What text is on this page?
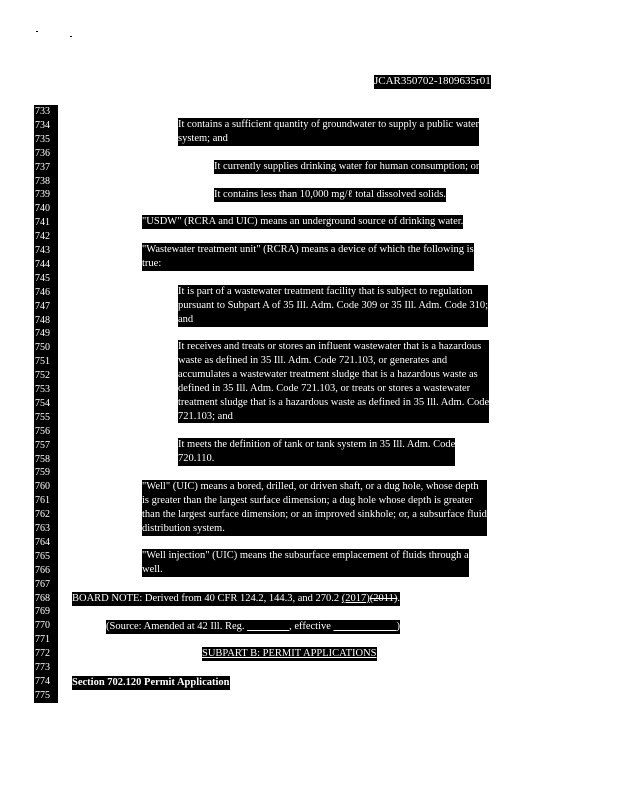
JCAR350702-1809635r01
733
734
735
736
737
738
739
740
741
742
743
744
745
746
747
748
749
750
751
752
753
754
755
756
757
758
759
760
761
762
763
764
765
766
767
768
769
770
771
772
773
774
775
It contains a sufficient quantity of groundwater to supply a public water
system; and
It currently supplies drinking water for human consumption; or
It contains less than 10,000 mg/ℓ total dissolved solids.
"USDW" (RCRA and UIC) means an underground source of drinking water.
"Wastewater treatment unit" (RCRA) means a device of which the following is
true:
It is part of a wastewater treatment facility that is subject to regulation
pursuant to Subpart A of 35 Ill. Adm. Code 309 or 35 Ill. Adm. Code 310;
and
It receives and treats or stores an influent wastewater that is a hazardous
waste as defined in 35 Ill. Adm. Code 721.103, or generates and
accumulates a wastewater treatment sludge that is a hazardous waste as
defined in 35 Ill. Adm. Code 721.103, or treats or stores a wastewater
treatment sludge that is a hazardous waste as defined in 35 Ill. Adm. Code
721.103; and
It meets the definition of tank or tank system in 35 Ill. Adm. Code
720.110.
"Well" (UIC) means a bored, drilled, or driven shaft, or a dug hole, whose depth
is greater than the largest surface dimension; a dug hole whose depth is greater
than the largest surface dimension; or an improved sinkhole; or, a subsurface fluid
distribution system.
"Well injection" (UIC) means the subsurface emplacement of fluids through a
well.
BOARD NOTE: Derived from 40 CFR 124.2, 144.3, and 270.2 (2017)(2011).
(Source: Amended at 42 Ill. Reg. ________, effective ____________)
SUBPART B: PERMIT APPLICATIONS
Section 702.120 Permit Application
